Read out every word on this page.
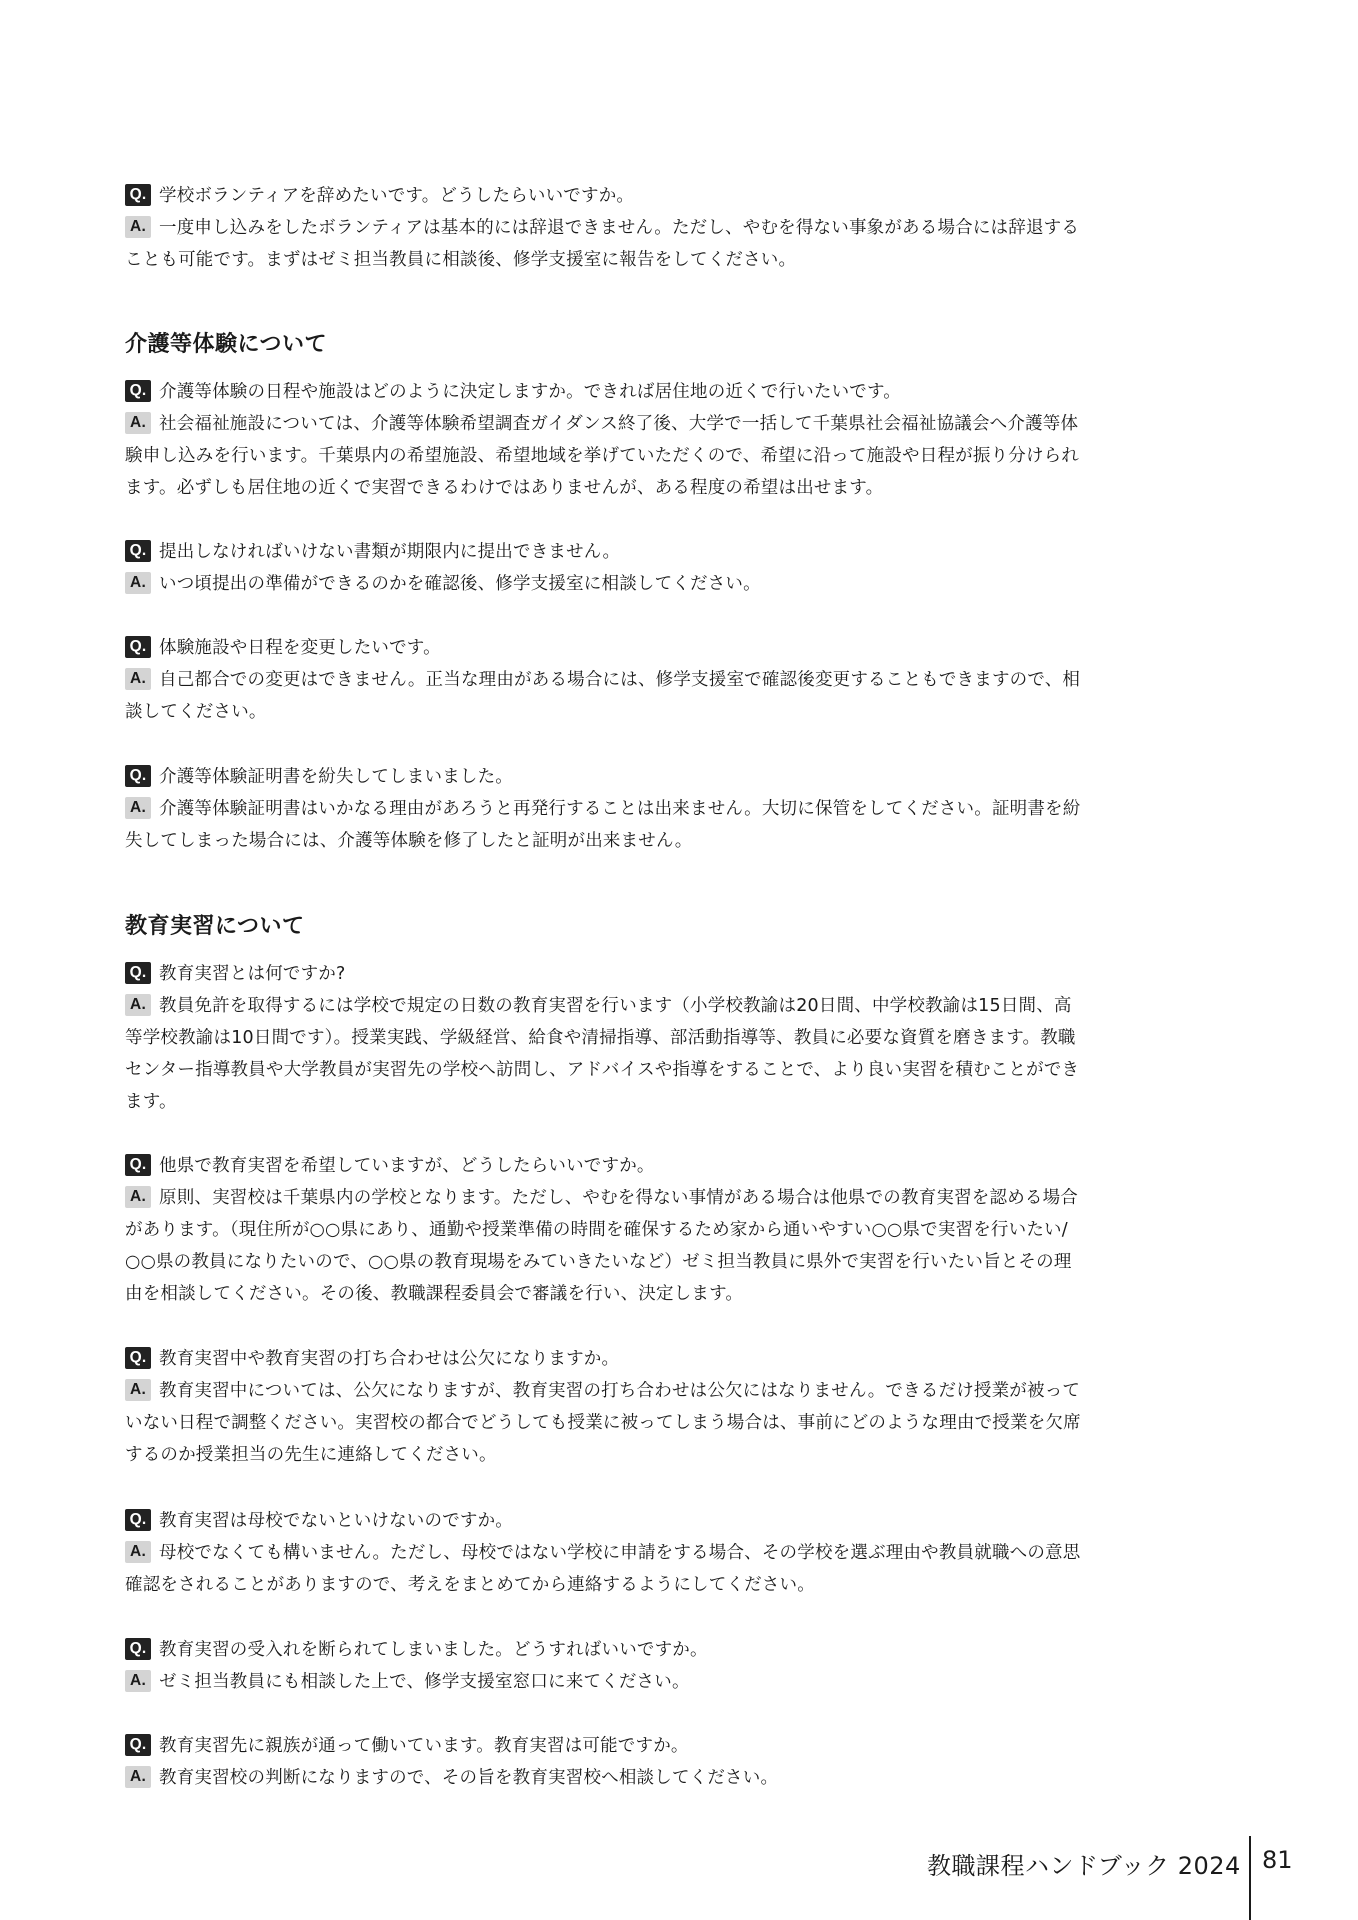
Q. 学校ボランティアを辞めたいです。どうしたらいいですか。
A. 一度申し込みをしたボランティアは基本的には辞退できません。ただし、やむを得ない事象がある場合には辞退する
ことも可能です。まずはゼミ担当教員に相談後、修学支援室に報告をしてください。
介護等体験について
Q. 介護等体験の日程や施設はどのように決定しますか。できれば居住地の近くで行いたいです。
A. 社会福祉施設については、介護等体験希望調査ガイダンス終了後、大学で一括して千葉県社会福祉協議会へ介護等体
験申し込みを行います。千葉県内の希望施設、希望地域を挙げていただくので、希望に沿って施設や日程が振り分けられ
ます。必ずしも居住地の近くで実習できるわけではありませんが、ある程度の希望は出せます。
Q. 提出しなければいけない書類が期限内に提出できません。
A. いつ頃提出の準備ができるのかを確認後、修学支援室に相談してください。
Q. 体験施設や日程を変更したいです。
A. 自己都合での変更はできません。正当な理由がある場合には、修学支援室で確認後変更することもできますので、相
談してください。
Q. 介護等体験証明書を紛失してしまいました。
A. 介護等体験証明書はいかなる理由があろうと再発行することは出来ません。大切に保管をしてください。証明書を紛
失してしまった場合には、介護等体験を修了したと証明が出来ません。
教育実習について
Q. 教育実習とは何ですか?
A. 教員免許を取得するには学校で規定の日数の教育実習を行います（小学校教諭は20日間、中学校教諭は15日間、高
等学校教諭は10日間です）。授業実践、学級経営、給食や清掃指導、部活動指導等、教員に必要な資質を磨きます。教職
センター指導教員や大学教員が実習先の学校へ訪問し、アドバイスや指導をすることで、より良い実習を積むことができ
ます。
Q. 他県で教育実習を希望していますが、どうしたらいいですか。
A. 原則、実習校は千葉県内の学校となります。ただし、やむを得ない事情がある場合は他県での教育実習を認める場合
があります。（現住所が○○県にあり、通勤や授業準備の時間を確保するため家から通いやすい○○県で実習を行いたい/
○○県の教員になりたいので、○○県の教育現場をみていきたいなど）ゼミ担当教員に県外で実習を行いたい旨とその理
由を相談してください。その後、教職課程委員会で審議を行い、決定します。
Q. 教育実習中や教育実習の打ち合わせは公欠になりますか。
A. 教育実習中については、公欠になりますが、教育実習の打ち合わせは公欠にはなりません。できるだけ授業が被って
いない日程で調整ください。実習校の都合でどうしても授業に被ってしまう場合は、事前にどのような理由で授業を欠席
するのか授業担当の先生に連絡してください。
Q. 教育実習は母校でないといけないのですか。
A. 母校でなくても構いません。ただし、母校ではない学校に申請をする場合、その学校を選ぶ理由や教員就職への意思
確認をされることがありますので、考えをまとめてから連絡するようにしてください。
Q. 教育実習の受入れを断られてしまいました。どうすればいいですか。
A. ゼミ担当教員にも相談した上で、修学支援室窓口に来てください。
Q. 教育実習先に親族が通って働いています。教育実習は可能ですか。
A. 教育実習校の判断になりますので、その旨を教育実習校へ相談してください。
教職課程ハンドブック 2024 81
